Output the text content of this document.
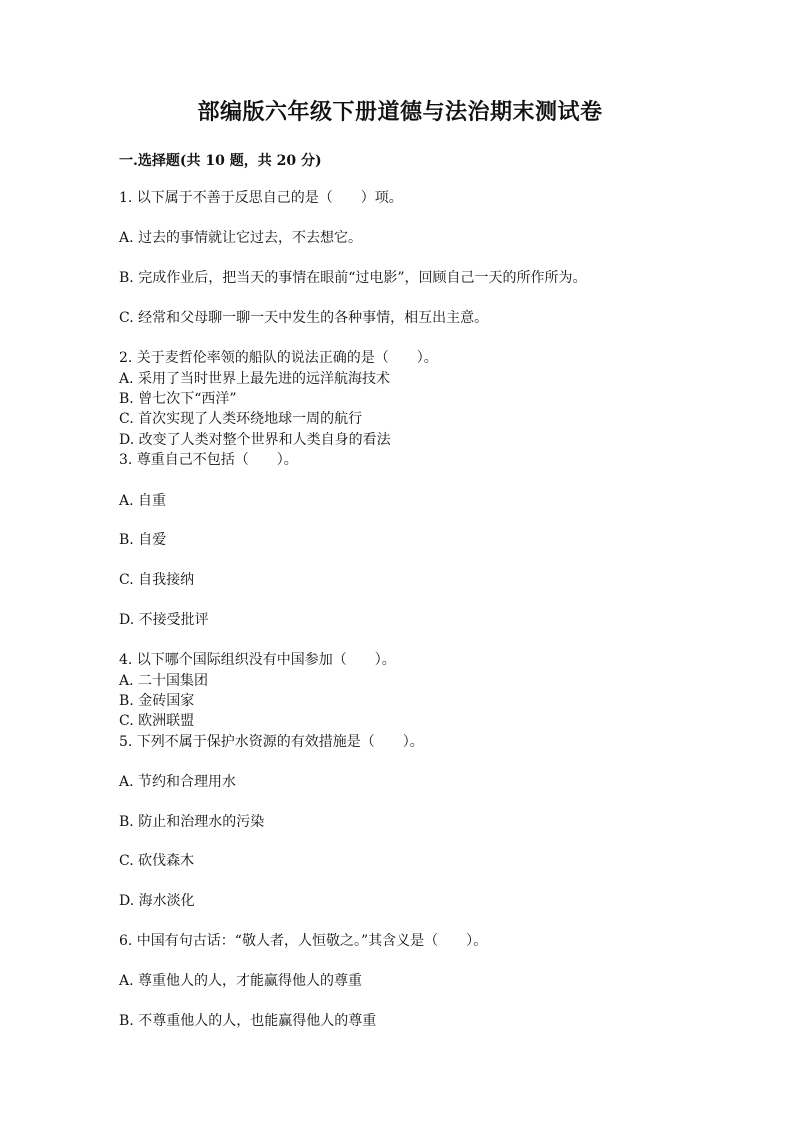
部编版六年级下册道德与法治期末测试卷
一.选择题(共 10 题，共 20 分)
1. 以下属于不善于反思自己的是（　　）项。
A. 过去的事情就让它过去，不去想它。
B. 完成作业后，把当天的事情在眼前“过电影”，回顾自己一天的所作所为。
C. 经常和父母聊一聊一天中发生的各种事情，相互出主意。
2. 关于麦哲伦率领的船队的说法正确的是（　　）。
A. 采用了当时世界上最先进的远洋航海技术
B. 曾七次下“西洋”
C. 首次实现了人类环绕地球一周的航行
D. 改变了人类对整个世界和人类自身的看法
3. 尊重自己不包括（　　）。
A. 自重
B. 自爱
C. 自我接纳
D. 不接受批评
4. 以下哪个国际组织没有中国参加（　　）。
A. 二十国集团
B. 金砖国家
C. 欧洲联盟
5. 下列不属于保护水资源的有效措施是（　　）。
A. 节约和合理用水
B. 防止和治理水的污染
C. 砍伐森木
D. 海水淡化
6. 中国有句古话：“敬人者，人恒敬之。”其含义是（　　）。
A. 尊重他人的人，才能赢得他人的尊重
B. 不尊重他人的人，也能赢得他人的尊重
